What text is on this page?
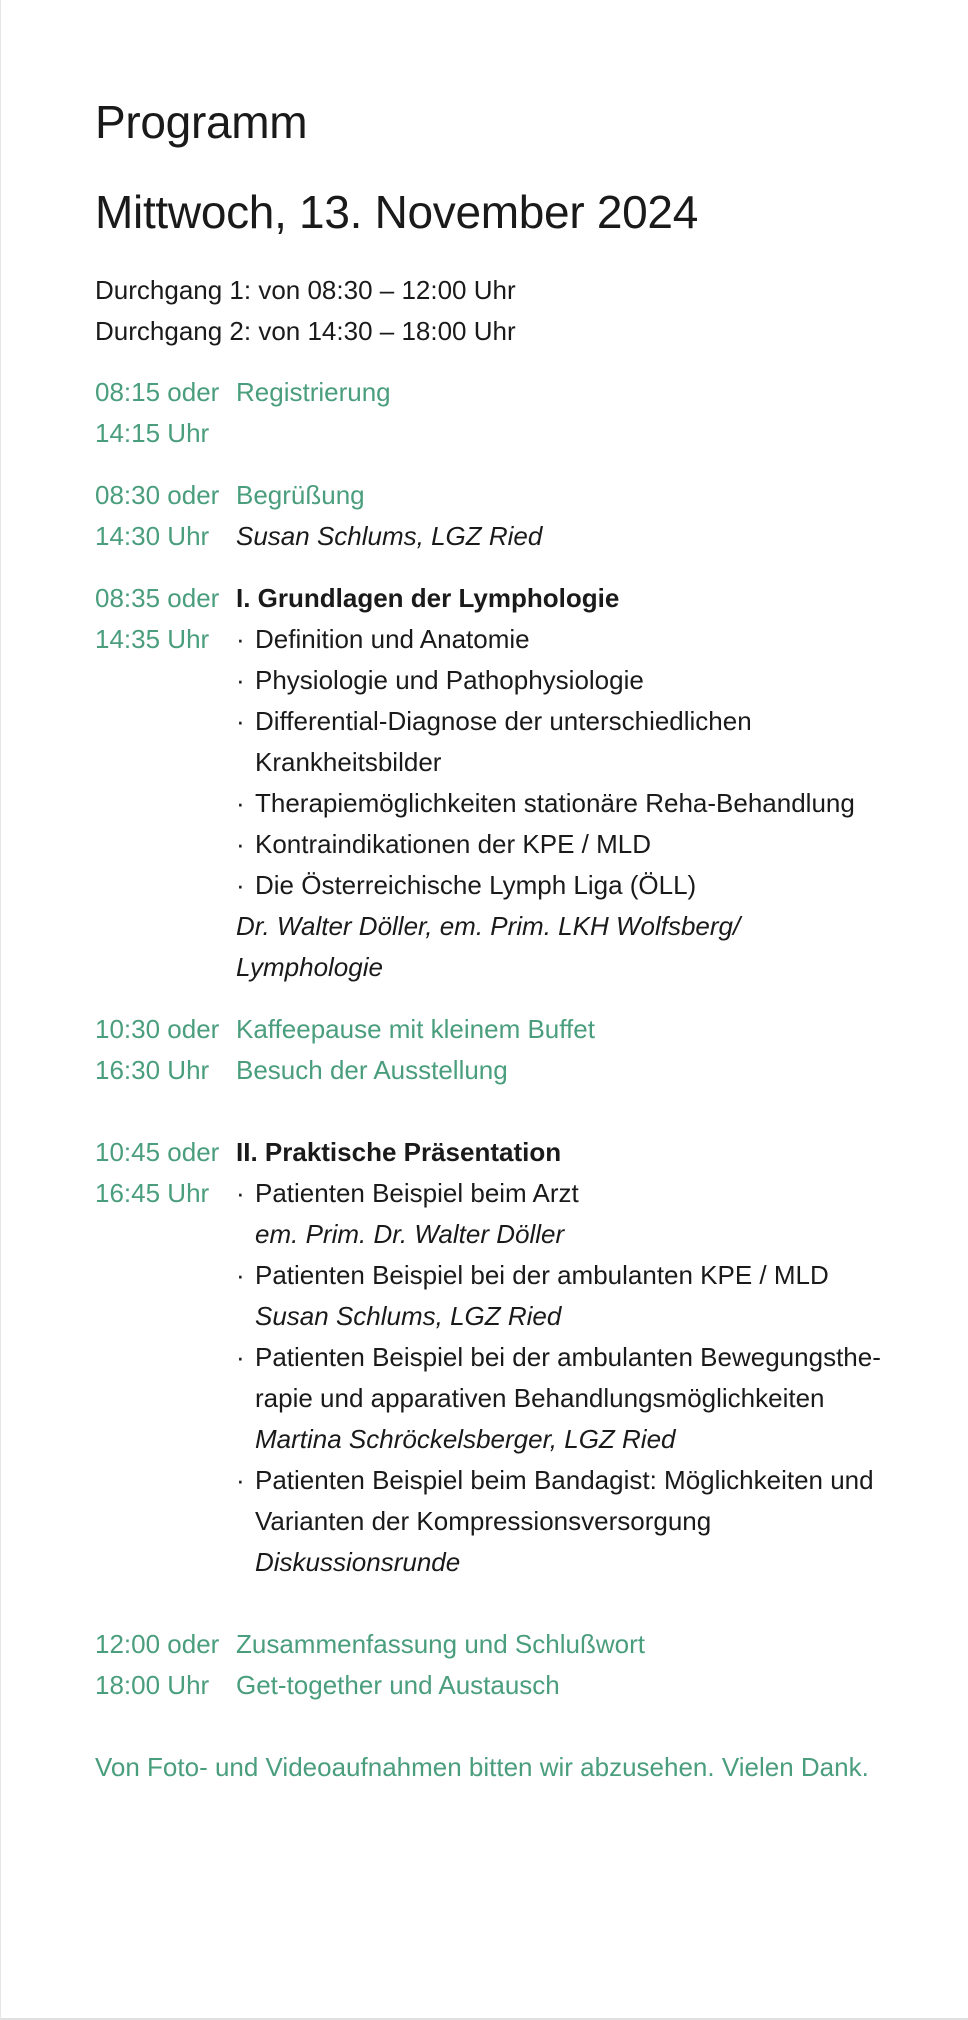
Programm
Mittwoch, 13. November 2024
Durchgang 1: von 08:30 – 12:00 Uhr
Durchgang 2: von 14:30 – 18:00 Uhr
08:15 oder
14:15 Uhr
Registrierung
08:30 oder
14:30 Uhr
Begrüßung
Susan Schlums, LGZ Ried
08:35 oder
14:35 Uhr
I. Grundlagen der Lymphologie
· Definition und Anatomie
· Physiologie und Pathophysiologie
· Differential-Diagnose der unterschiedlichen Krankheitsbilder
· Therapiemöglichkeiten stationäre Reha-Behandlung
· Kontraindikationen der KPE / MLD
· Die Österreichische Lymph Liga (ÖLL)
Dr. Walter Döller, em. Prim. LKH Wolfsberg/
Lymphologie
10:30 oder
16:30 Uhr
Kaffeepause mit kleinem Buffet
Besuch der Ausstellung
10:45 oder
16:45 Uhr
II. Praktische Präsentation
· Patienten Beispiel beim Arzt
em. Prim. Dr. Walter Döller
· Patienten Beispiel bei der ambulanten KPE / MLD
Susan Schlums, LGZ Ried
· Patienten Beispiel bei der ambulanten Bewegungsthe-
rapie und apparativen Behandlungsmöglichkeiten
Martina Schröckelsberger, LGZ Ried
· Patienten Beispiel beim Bandagist: Möglichkeiten und
Varianten der Kompressionsversorgung
Diskussionsrunde
12:00 oder
18:00 Uhr
Zusammenfassung und Schlußwort
Get-together und Austausch
Von Foto- und Videoaufnahmen bitten wir abzusehen. Vielen Dank.
